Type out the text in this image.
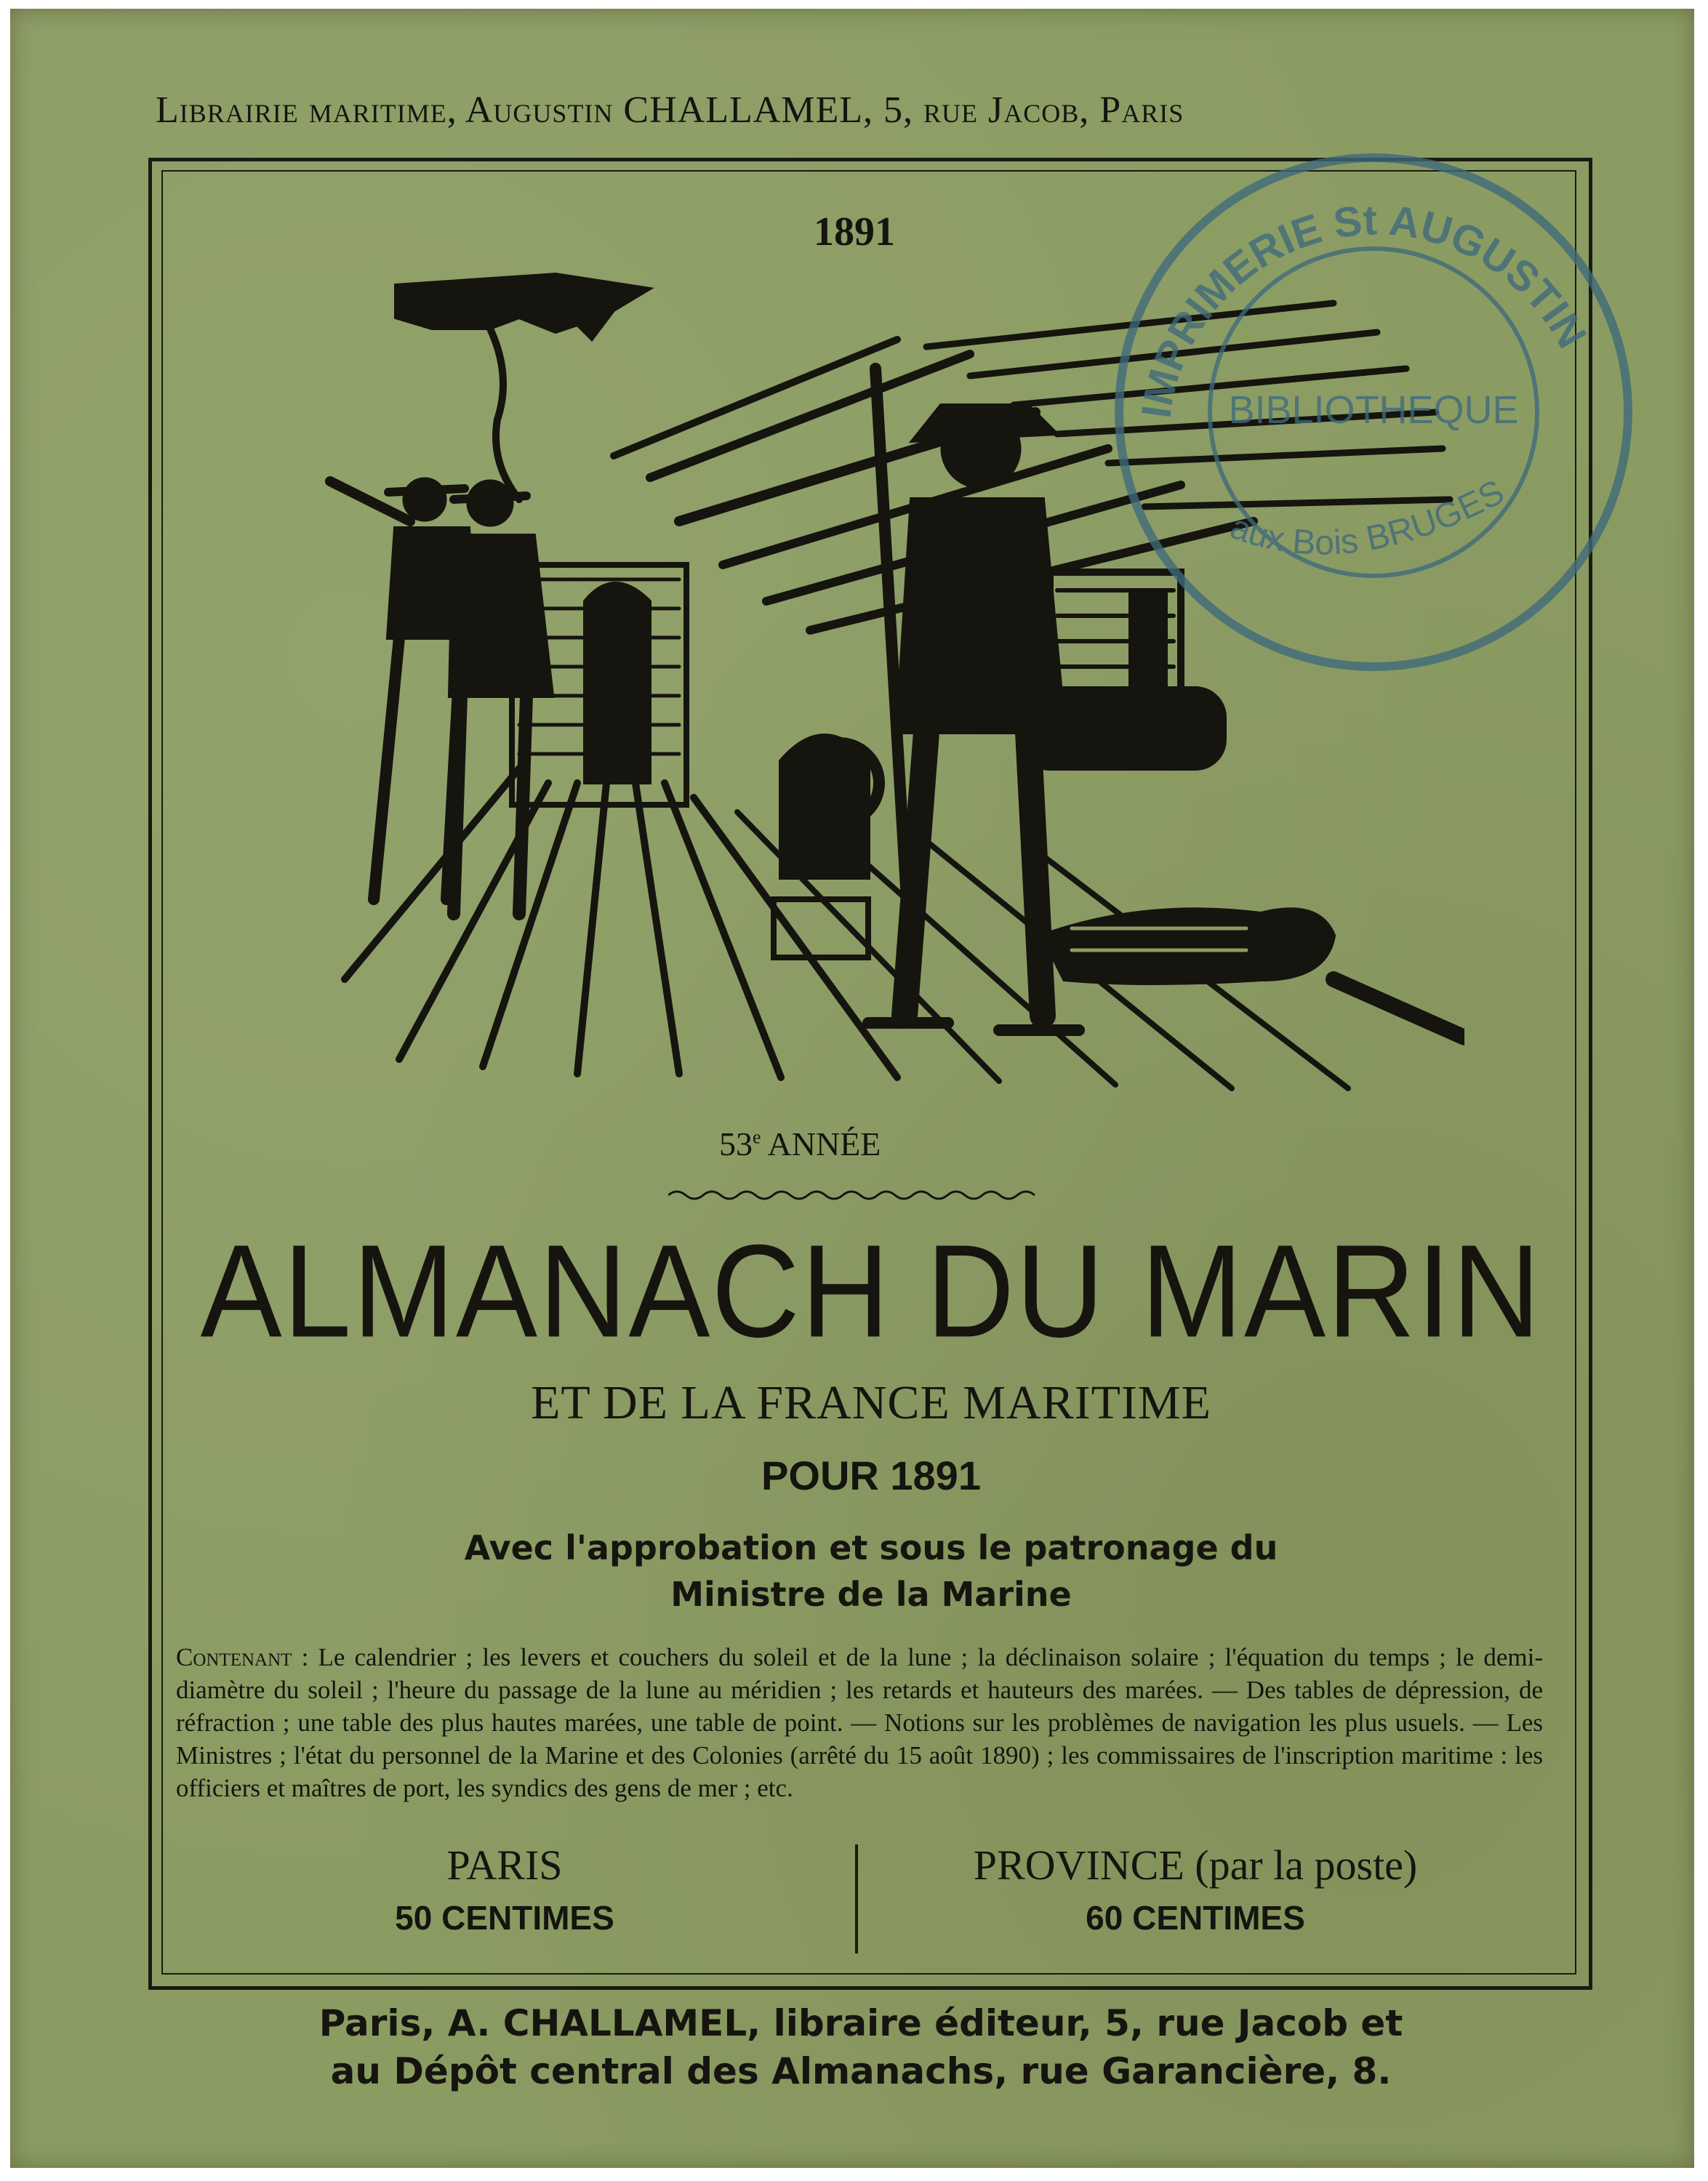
Librairie maritime, Augustin CHALLAMEL, 5, rue Jacob, Paris
1891
53e ANNÉE
ALMANACH DU MARIN
ET DE LA FRANCE MARITIME
POUR 1891
Avec l'approbation et sous le patronage du
Ministre de la Marine
Contenant : Le calendrier ; les levers et couchers du soleil et de la lune ; la déclinaison solaire ; l'équation du temps ; le demi-diamètre du soleil ; l'heure du passage de la lune au méridien ; les retards et hauteurs des marées. — Des tables de dépression, de réfraction ; une table des plus hautes marées, une table de point. — Notions sur les problèmes de navigation les plus usuels. — Les Ministres ; l'état du personnel de la Marine et des Colonies (arrêté du 15 août 1890) ; les commissaires de l'inscription maritime : les officiers et maîtres de port, les syndics des gens de mer ; etc.
PARIS
50 CENTIMES
PROVINCE (par la poste)
60 CENTIMES
Paris, A. CHALLAMEL, libraire éditeur, 5, rue Jacob et
au Dépôt central des Almanachs, rue Garancière, 8.
IMPRIMERIE St AUGUSTIN
BIBLIOTHEQUE
aux Bois BRUGES
